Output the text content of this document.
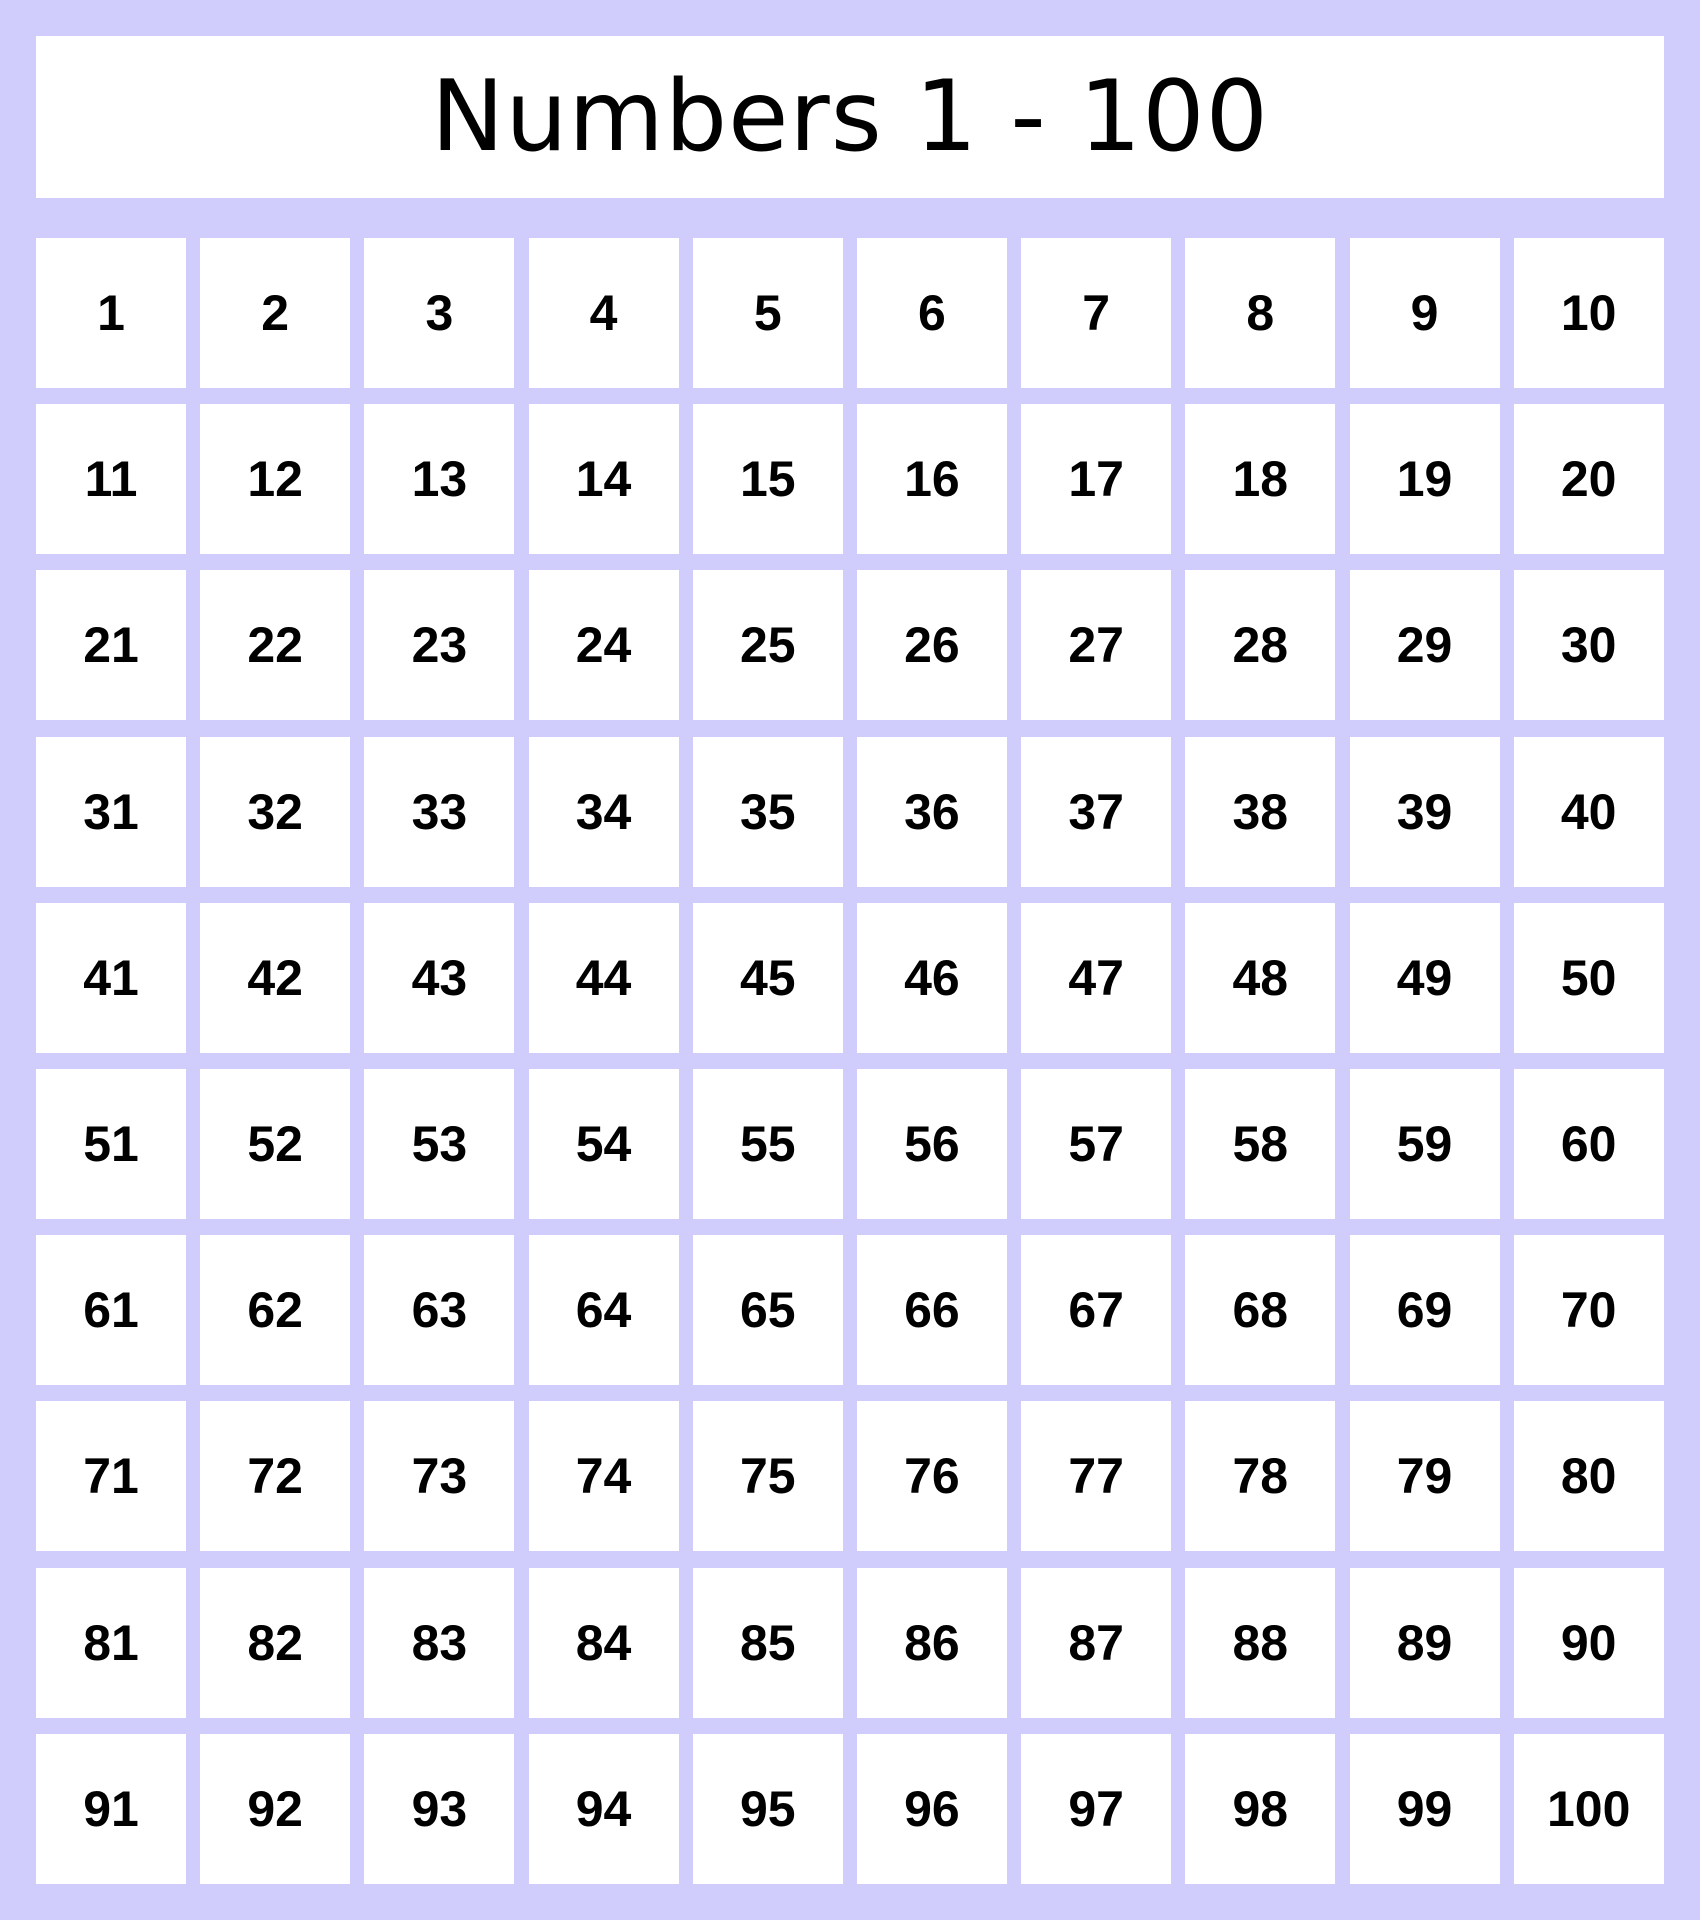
Numbers 1 - 100
1	2	3	4	5	6	7	8	9	10
11	12	13	14	15	16	17	18	19	20
21	22	23	24	25	26	27	28	29	30
31	32	33	34	35	36	37	38	39	40
41	42	43	44	45	46	47	48	49	50
51	52	53	54	55	56	57	58	59	60
61	62	63	64	65	66	67	68	69	70
71	72	73	74	75	76	77	78	79	80
81	82	83	84	85	86	87	88	89	90
91	92	93	94	95	96	97	98	99	100
